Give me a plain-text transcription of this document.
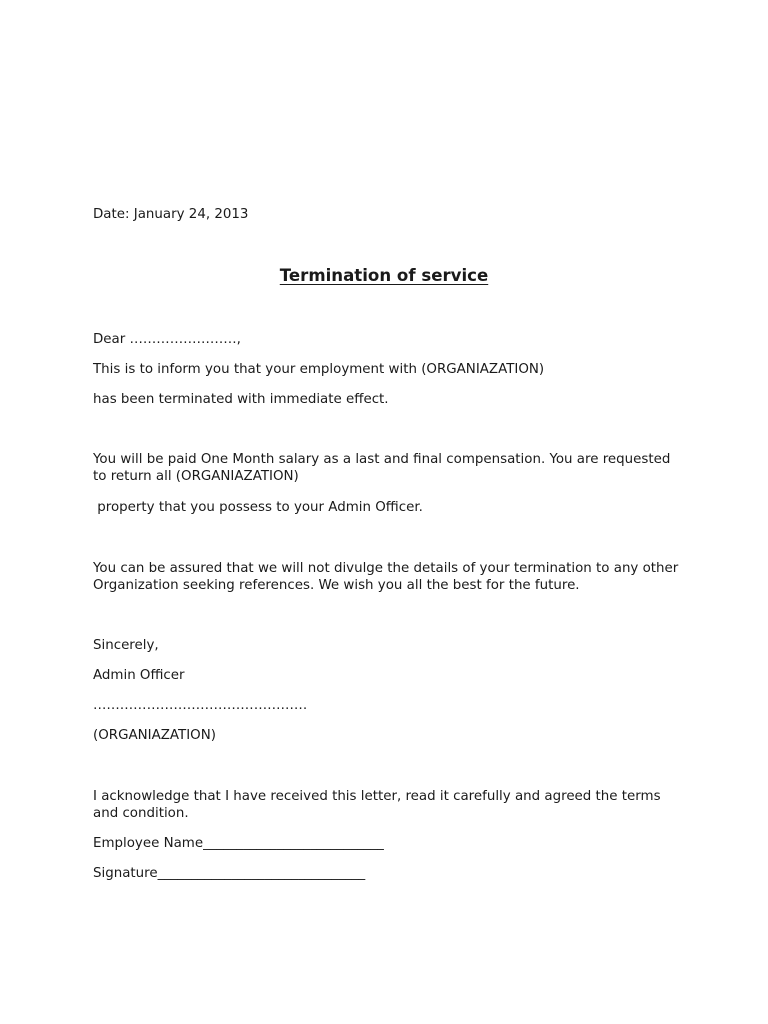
Date: January 24, 2013

Termination of service

Dear ……………………,

This is to inform you that your employment with (ORGANIAZATION)

has been terminated with immediate effect.

You will be paid One Month salary as a last and final compensation. You are requested to return all (ORGANIAZATION)

property that you possess to your Admin Officer.

You can be assured that we will not divulge the details of your termination to any other Organization seeking references. We wish you all the best for the future.

Sincerely,

Admin Officer

…………………………………………

(ORGANIAZATION)

I acknowledge that I have received this letter, read it carefully and agreed the terms and condition.

Employee Name___________________________

Signature_______________________________
